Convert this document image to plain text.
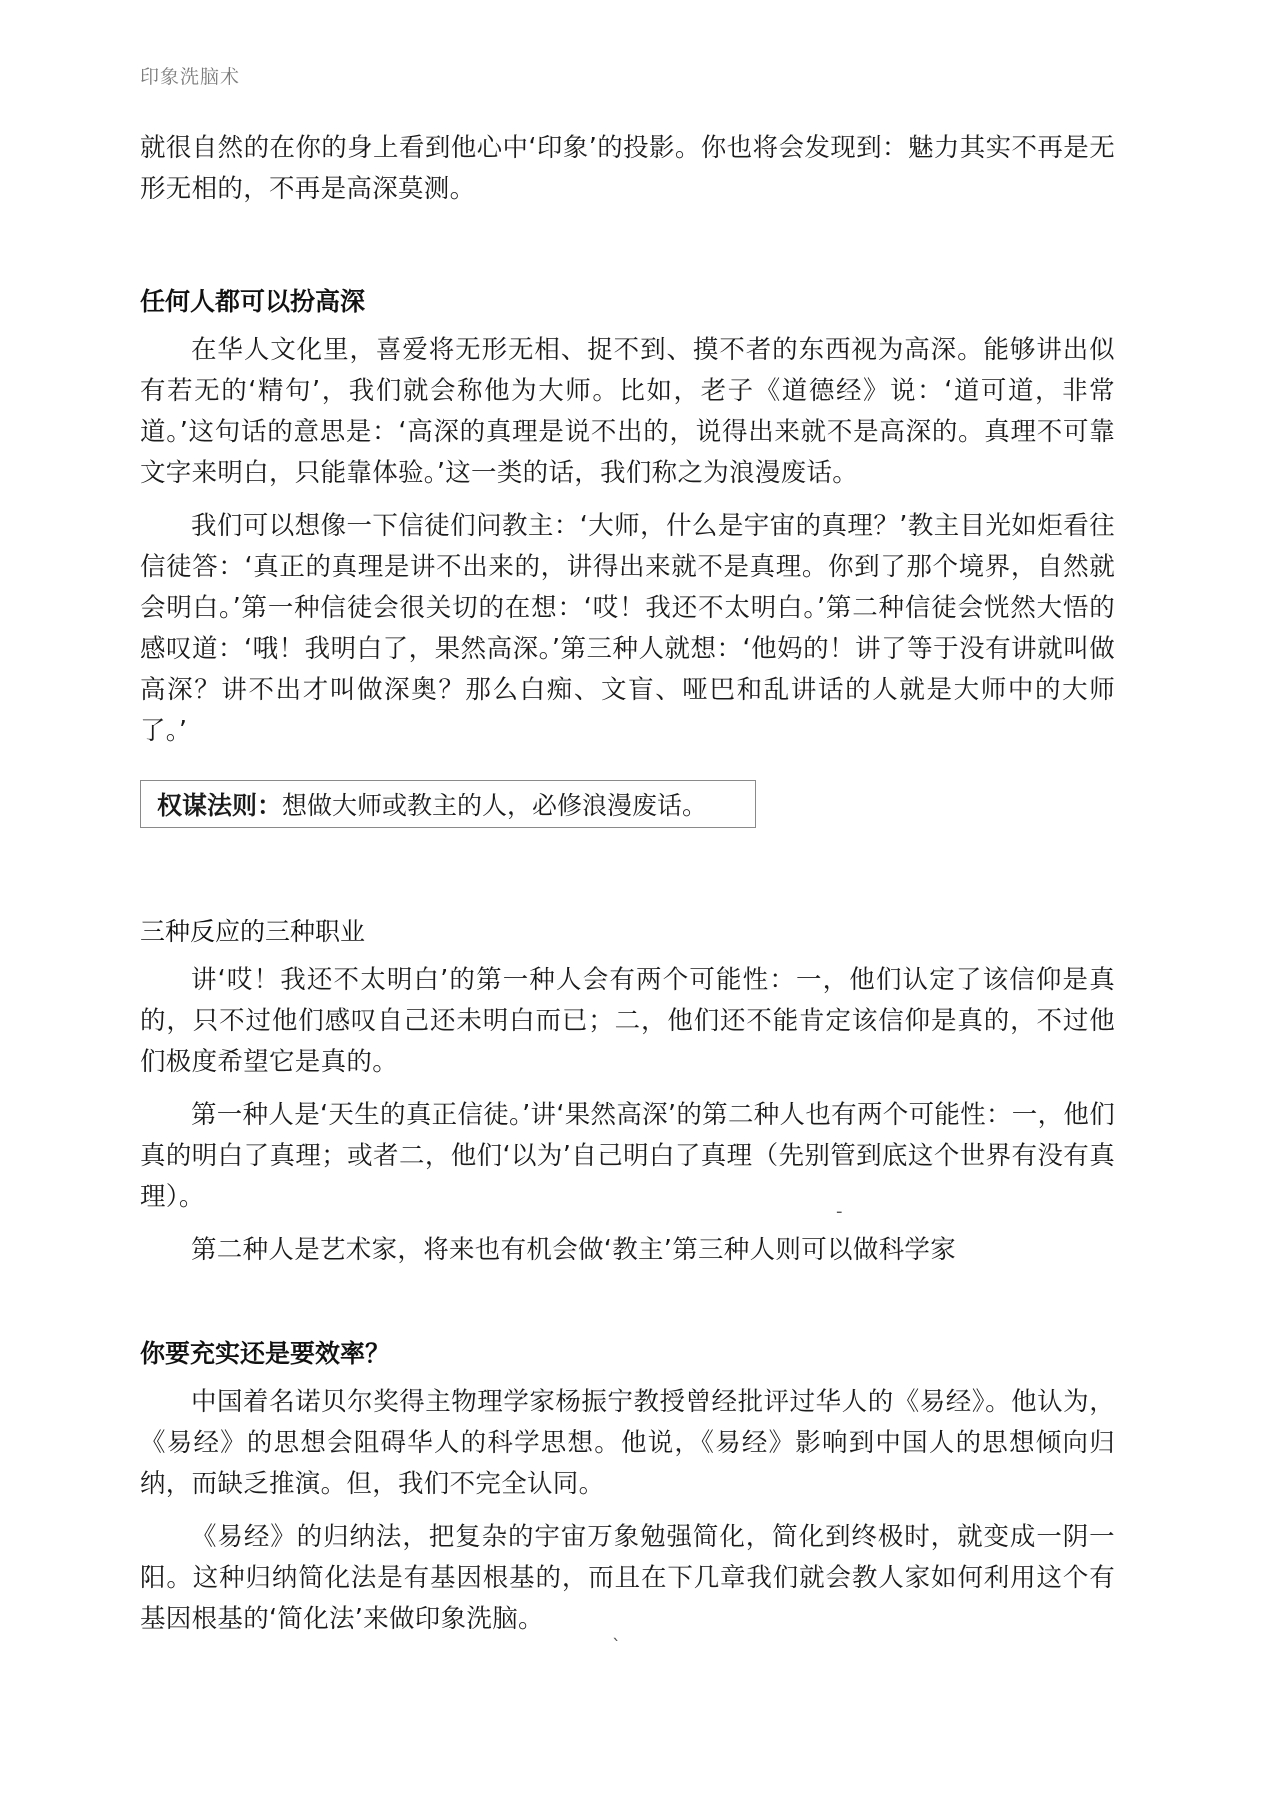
印象洗脑术

就很自然的在你的身上看到他心中‘印象’的投影。你也将会发现到：魅力其实不再是无形无相的，不再是高深莫测。

任何人都可以扮高深

在华人文化里，喜爱将无形无相、捉不到、摸不者的东西视为高深。能够讲出似有若无的‘精句’，我们就会称他为大师。比如，老子《道德经》说：‘道可道，非常道。’这句话的意思是：‘高深的真理是说不出的，说得出来就不是高深的。真理不可靠文字来明白，只能靠体验。’这一类的话，我们称之为浪漫废话。

我们可以想像一下信徒们问教主：‘大师，什么是宇宙的真理？’教主目光如炬看往信徒答：‘真正的真理是讲不出来的，讲得出来就不是真理。你到了那个境界，自然就会明白。’第一种信徒会很关切的在想：‘哎！我还不太明白。’第二种信徒会恍然大悟的感叹道：‘哦！我明白了，果然高深。’第三种人就想：‘他妈的！讲了等于没有讲就叫做高深？讲不出才叫做深奥？那么白痴、文盲、哑巴和乱讲话的人就是大师中的大师了。’

权谋法则： 想做大师或教主的人，必修浪漫废话。
三种反应的三种职业

讲‘哎！我还不太明白’的第一种人会有两个可能性：一，他们认定了该信仰是真的，只不过他们感叹自己还未明白而已；二，他们还不能肯定该信仰是真的，不过他们极度希望它是真的。

第一种人是‘天生的真正信徒。’讲‘果然高深’的第二种人也有两个可能性：一，他们真的明白了真理；或者二，他们‘以为’自己明白了真理（先别管到底这个世界有没有真理）。

第二种人是艺术家，将来也有机会做‘教主’第三种人则可以做科学家

你要充实还是要效率？

中国着名诺贝尔奖得主物理学家杨振宁教授曾经批评过华人的《易经》。他认为，《易经》的思想会阻碍华人的科学思想。他说，《易经》影响到中国人的思想倾向归纳，而缺乏推演。但，我们不完全认同。

《易经》的归纳法，把复杂的宇宙万象勉强简化，简化到终极时，就变成一阴一阳。这种归纳简化法是有基因根基的，而且在下几章我们就会教人家如何利用这个有基因根基的‘简化法’来做印象洗脑。

-
`
